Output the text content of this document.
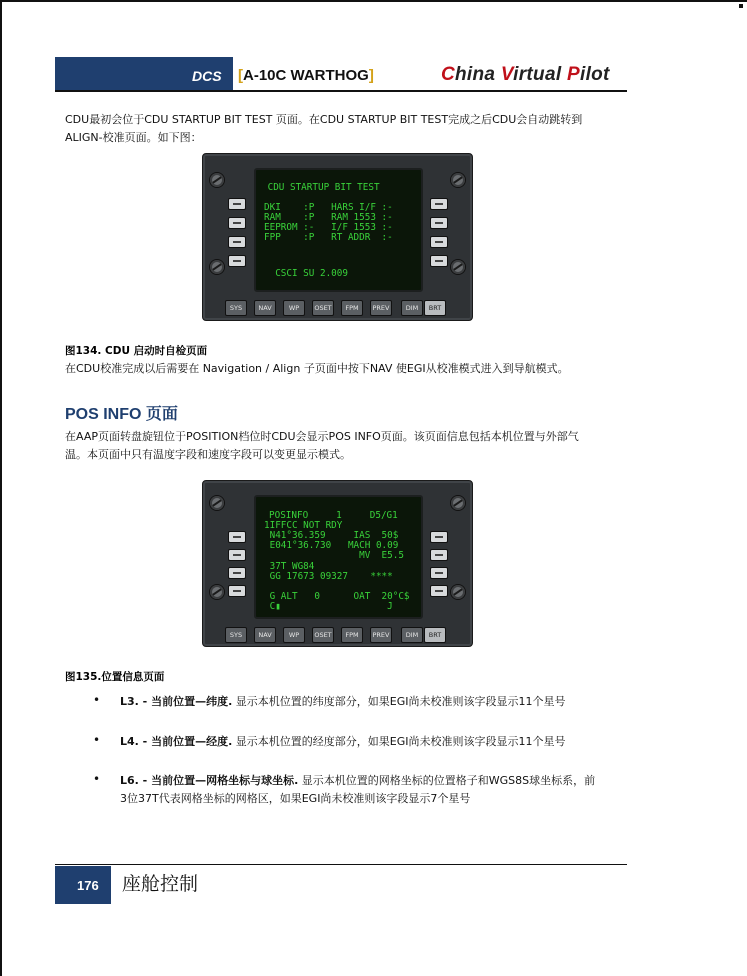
DCS [A-10C WARTHOG]	China Virtual Pilot
CDU最初会位于CDU STARTUP BIT TEST 页面。在CDU STARTUP BIT TEST完成之后CDU会自动跳转到
ALIGN-校准页面。如下图：
CDU STARTUP BIT TEST
DKI    :P   HARS I/F :-
RAM    :P   RAM 1553 :-
EEPROM :-   I/F 1553 :-
FPP    :P   RT ADDR  :-
CSCI SU 2.009
SYS	NAV	WP	OSET	FPM	PREV	DIM	BRT
图134. CDU 启动时自检页面
在CDU校准完成以后需要在 Navigation / Align 子页面中按下NAV 使EGI从校准模式进入到导航模式。
POS INFO 页面
在AAP页面转盘旋钮位于POSITION档位时CDU会显示POS INFO页面。该页面信息包括本机位置与外部气
温。本页面中只有温度字段和速度字段可以变更显示模式。
POSINFO     1     D5/G1
1IFFCC NOT RDY
N41°36.359     IAS  50$
E041°36.730   MACH 0.09
MV  E5.5
37T WG84
GG 17673 09327    ****
G ALT   0      OAT  20°C$
C▮                   J
SYS	NAV	WP	OSET	FPM	PREV	DIM	BRT
图135.位置信息页面
• L3. - 当前位置—纬度. 显示本机位置的纬度部分，如果EGI尚未校准则该字段显示11个星号
• L4. - 当前位置—经度. 显示本机位置的经度部分，如果EGI尚未校准则该字段显示11个星号
• L6. - 当前位置—网格坐标与球坐标. 显示本机位置的网格坐标的位置格子和WGS8S球坐标系，前
3位37T代表网格坐标的网格区，如果EGI尚未校准则该字段显示7个星号
176 座舱控制
